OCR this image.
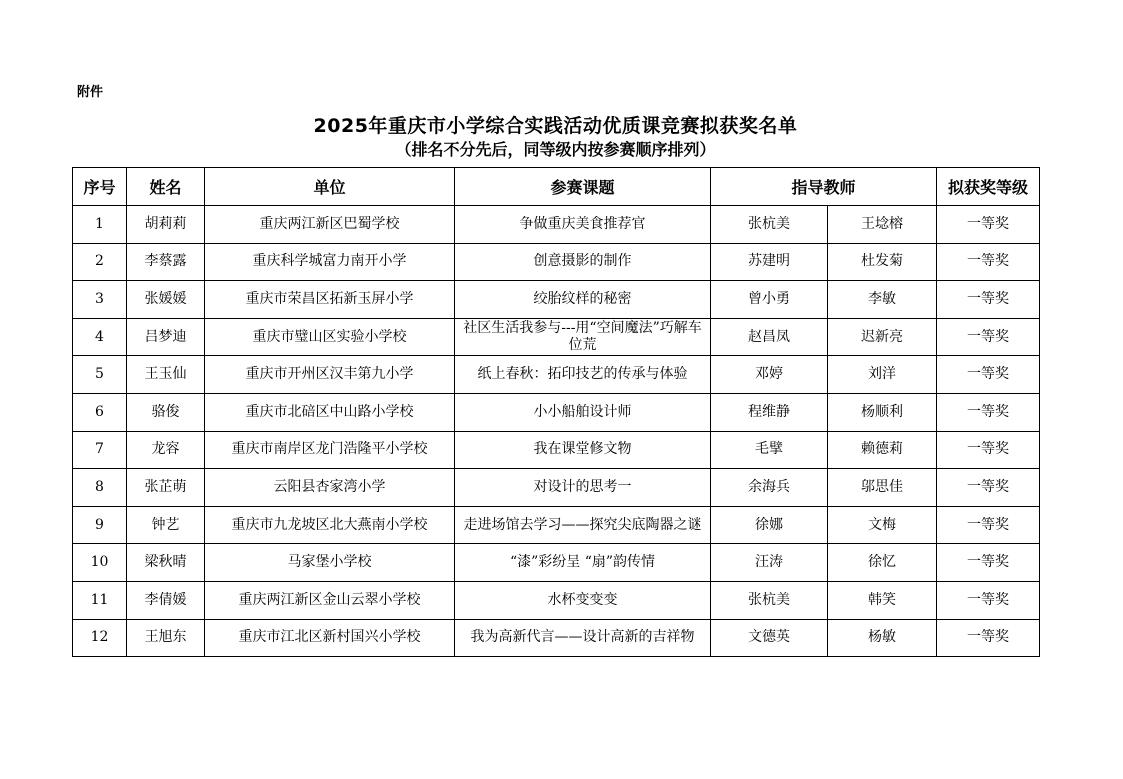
附件
2025年重庆市小学综合实践活动优质课竞赛拟获奖名单
（排名不分先后，同等级内按参赛顺序排列）
序号	姓名	单位	参赛课题	指导教师		拟获奖等级
1	胡莉莉	重庆两江新区巴蜀学校	争做重庆美食推荐官	张杭美	王埝榕	一等奖
2	李蔡露	重庆科学城富力南开小学	创意摄影的制作	苏建明	杜发菊	一等奖
3	张媛媛	重庆市荣昌区拓新玉屏小学	绞胎纹样的秘密	曾小勇	李敏	一等奖
4	吕梦迪	重庆市璧山区实验小学校	社区生活我参与---用“空间魔法”巧解车位荒	赵昌凤	迟新亮	一等奖
5	王玉仙	重庆市开州区汉丰第九小学	纸上春秋：拓印技艺的传承与体验	邓婷	刘洋	一等奖
6	骆俊	重庆市北碚区中山路小学校	小小船舶设计师	程维静	杨顺利	一等奖
7	龙容	重庆市南岸区龙门浩隆平小学校	我在课堂修文物	毛擘	赖德莉	一等奖
8	张芷萌	云阳县杏家湾小学	对设计的思考一	余海兵	邬思佳	一等奖
9	钟艺	重庆市九龙坡区北大燕南小学校	走进场馆去学习——探究尖底陶器之谜	徐娜	文梅	一等奖
10	梁秋晴	马家堡小学校	“漆”彩纷呈 “扇”韵传情	汪涛	徐忆	一等奖
11	李倩媛	重庆两江新区金山云翠小学校	水杯变变变	张杭美	韩笑	一等奖
12	王旭东	重庆市江北区新村国兴小学校	我为高新代言——设计高新的吉祥物	文德英	杨敏	一等奖
